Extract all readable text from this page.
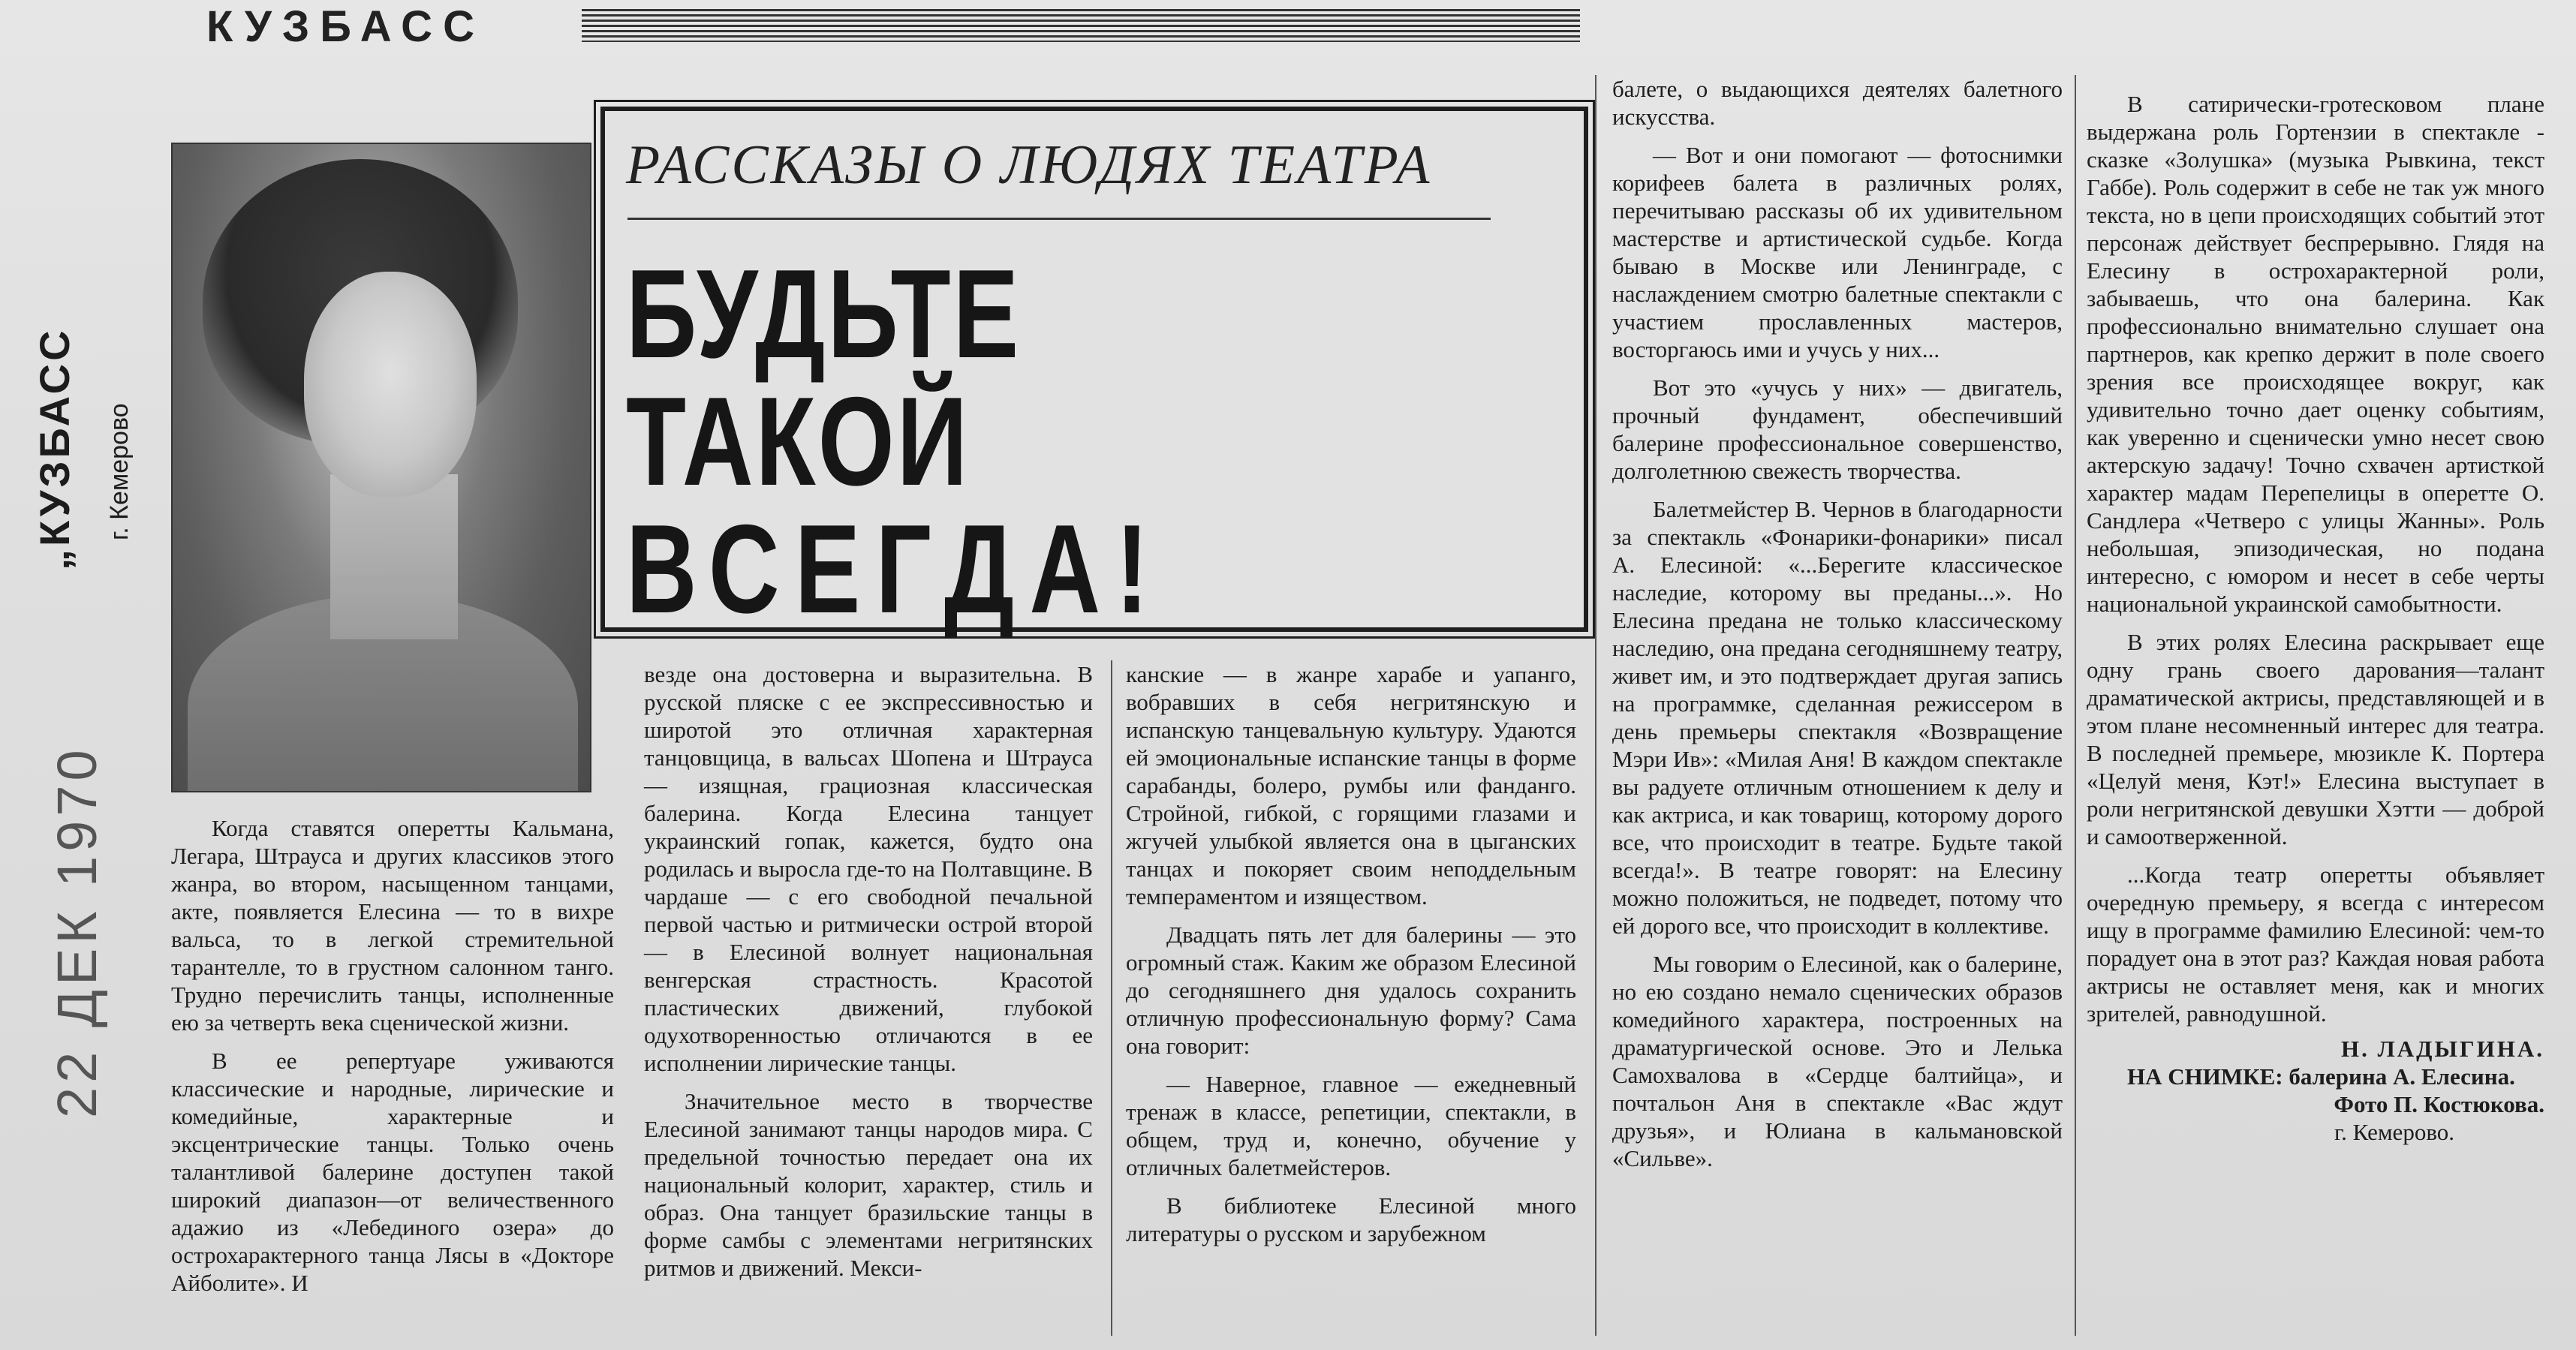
КУЗБАСС
„КУЗБАСС г. Кемерово
22 ДЕК 1970
РАССКАЗЫ О ЛЮДЯХ ТЕАТРА
БУДЬТЕ ТАКОЙ
ВСЕГДА!

Когда ставятся оперетты Кальмана, Легара, Штрауса и других классиков этого жанра, во втором, насыщенном танцами, акте, появляется Елесина — то в вихре вальса, то в легкой стремительной тарантелле, то в грустном салонном танго. Трудно перечислить танцы, исполненные ею за четверть века сценической жизни.

В ее репертуаре уживаются классические и народные, лирические и комедийные, характерные и эксцентрические танцы. Только очень талантливой балерине доступен такой широкий диапазон—от величественного адажио из «Лебединого озера» до острохарактерного танца Лясы в «Докторе Айболите». И

везде она достоверна и выразительна. В русской пляске с ее экспрессивностью и широтой это отличная характерная танцовщица, в вальсах Шопена и Штрауса — изящная, грациозная классическая балерина. Когда Елесина танцует украинский гопак, кажется, будто она родилась и выросла где-то на Полтавщине. В чардаше — с его свободной печальной первой частью и ритмически острой второй — в Елесиной волнует национальная венгерская страстность. Красотой пластических движений, глубокой одухотворенностью отличаются в ее исполнении лирические танцы.

Значительное место в творчестве Елесиной занимают танцы народов мира. С предельной точностью передает она их национальный колорит, характер, стиль и образ. Она танцует бразильские танцы в форме самбы с элементами негритянских ритмов и движений. Мекси-

канские — в жанре харабе и уапанго, вобравших в себя негритянскую и испанскую танцевальную культуру. Удаются ей эмоциональные испанские танцы в форме сарабанды, болеро, румбы или фанданго. Стройной, гибкой, с горящими глазами и жгучей улыбкой является она в цыганских танцах и покоряет своим неподдельным темпераментом и изяществом.

Двадцать пять лет для балерины — это огромный стаж. Каким же образом Елесиной до сегодняшнего дня удалось сохранить отличную профессиональную форму? Сама она говорит:

— Наверное, главное — ежедневный тренаж в классе, репетиции, спектакли, в общем, труд и, конечно, обучение у отличных балетмейстеров.

В библиотеке Елесиной много литературы о русском и зарубежном

балете, о выдающихся деятелях балетного искусства.

— Вот и они помогают — фотоснимки корифеев балета в различных ролях, перечитываю рассказы об их удивительном мастерстве и артистической судьбе. Когда бываю в Москве или Ленинграде, с наслаждением смотрю балетные спектакли с участием прославленных мастеров, восторгаюсь ими и учусь у них...

Вот это «учусь у них» — двигатель, прочный фундамент, обеспечивший балерине профессиональное совершенство, долголетнюю свежесть творчества.

Балетмейстер В. Чернов в благодарности за спектакль «Фонарики-фонарики» писал А. Елесиной: «...Берегите классическое наследие, которому вы преданы...». Но Елесина предана не только классическому наследию, она предана сегодняшнему театру, живет им, и это подтверждает другая запись на программке, сделанная режиссером в день премьеры спектакля «Возвращение Мэри Ив»: «Милая Аня! В каждом спектакле вы радуете отличным отношением к делу и как актриса, и как товарищ, которому дорого все, что происходит в театре. Будьте такой всегда!». В театре говорят: на Елесину можно положиться, не подведет, потому что ей дорого все, что происходит в коллективе.

Мы говорим о Елесиной, как о балерине, но ею создано немало сценических образов комедийного характера, построенных на драматургической основе. Это и Лелька Самохвалова в «Сердце балтийца», и почтальон Аня в спектакле «Вас ждут друзья», и Юлиана в кальмановской «Сильве».

В сатирически-гротесковом плане выдержана роль Гортензии в спектакле - сказке «Золушка» (музыка Рывкина, текст Габбе). Роль содержит в себе не так уж много текста, но в цепи происходящих событий этот персонаж действует беспрерывно. Глядя на Елесину в острохарактерной роли, забываешь, что она балерина. Как профессионально внимательно слушает она партнеров, как крепко держит в поле своего зрения все происходящее вокруг, как удивительно точно дает оценку событиям, как уверенно и сценически умно несет свою актерскую задачу! Точно схвачен артисткой характер мадам Перепелицы в оперетте О. Сандлера «Четверо с улицы Жанны». Роль небольшая, эпизодическая, но подана интересно, с юмором и несет в себе черты национальной украинской самобытности.

В этих ролях Елесина раскрывает еще одну грань своего дарования—талант драматической актрисы, представляющей и в этом плане несомненный интерес для театра. В последней премьере, мюзикле К. Портера «Целуй меня, Кэт!» Елесина выступает в роли негритянской девушки Хэтти — доброй и самоотверженной.

...Когда театр оперетты объявляет очередную премьеру, я всегда с интересом ищу в программе фамилию Елесиной: чем-то порадует она в этот раз? Каждая новая работа актрисы не оставляет меня, как и многих зрителей, равнодушной.

Н. ЛАДЫГИНА.

НА СНИМКЕ: балерина А. Елесина.

Фото П. Костюкова.
г. Кемерово.
